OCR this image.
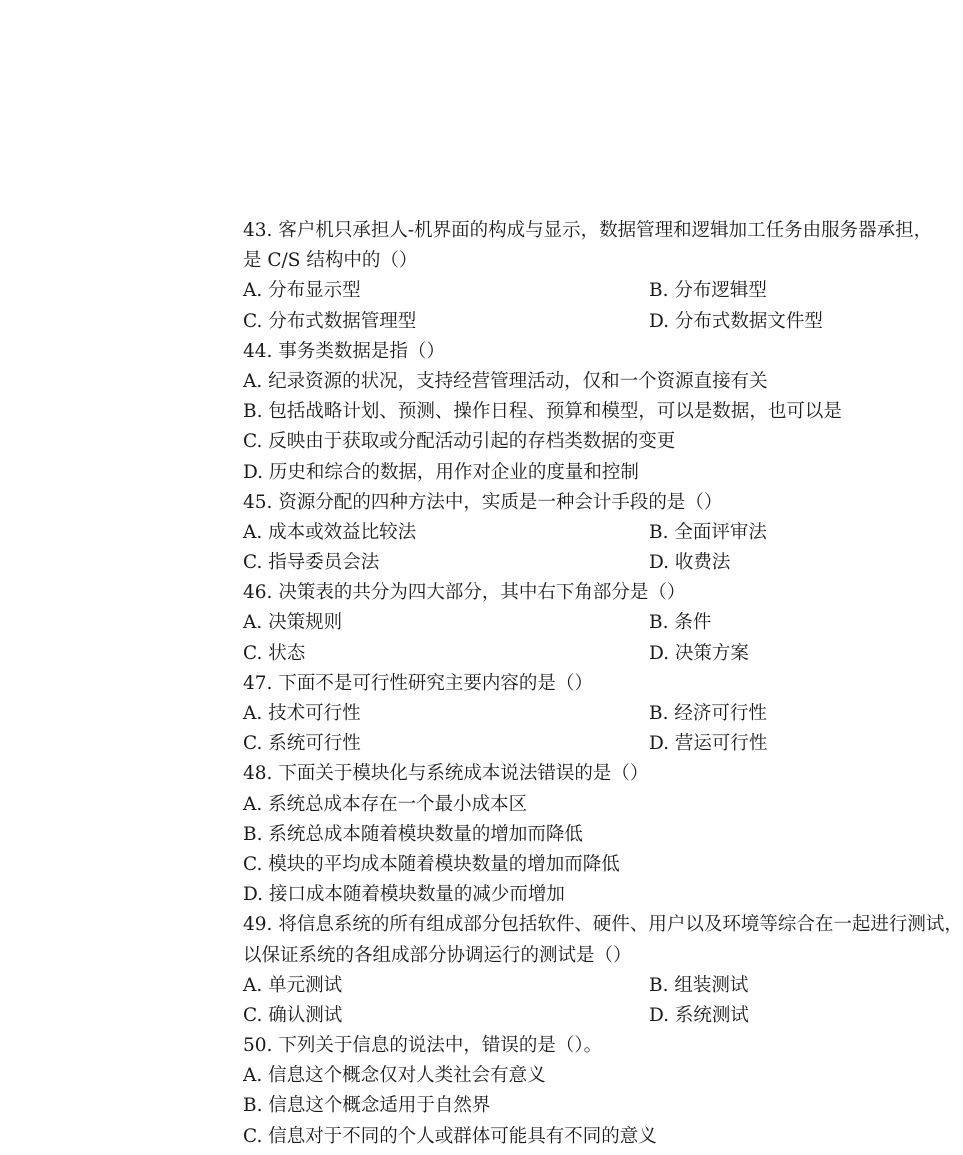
43. 客户机只承担人-机界面的构成与显示，数据管理和逻辑加工任务由服务器承担，
是 C/S 结构中的（）
A. 分布显示型	B. 分布逻辑型
C. 分布式数据管理型	D. 分布式数据文件型
44. 事务类数据是指（）
A. 纪录资源的状况，支持经营管理活动，仅和一个资源直接有关
B. 包括战略计划、预测、操作日程、预算和模型，可以是数据，也可以是
C. 反映由于获取或分配活动引起的存档类数据的变更
D. 历史和综合的数据，用作对企业的度量和控制
45. 资源分配的四种方法中，实质是一种会计手段的是（）
A. 成本或效益比较法	B. 全面评审法
C. 指导委员会法	D. 收费法
46. 决策表的共分为四大部分，其中右下角部分是（）
A. 决策规则	B. 条件
C. 状态	D. 决策方案
47. 下面不是可行性研究主要内容的是（）
A. 技术可行性	B. 经济可行性
C. 系统可行性	D. 营运可行性
48. 下面关于模块化与系统成本说法错误的是（）
A. 系统总成本存在一个最小成本区
B. 系统总成本随着模块数量的增加而降低
C. 模块的平均成本随着模块数量的增加而降低
D. 接口成本随着模块数量的减少而增加
49. 将信息系统的所有组成部分包括软件、硬件、用户以及环境等综合在一起进行测试，
以保证系统的各组成部分协调运行的测试是（）
A. 单元测试	B. 组装测试
C. 确认测试	D. 系统测试
50. 下列关于信息的说法中，错误的是（）。
A. 信息这个概念仅对人类社会有意义
B. 信息这个概念适用于自然界
C. 信息对于不同的个人或群体可能具有不同的意义
